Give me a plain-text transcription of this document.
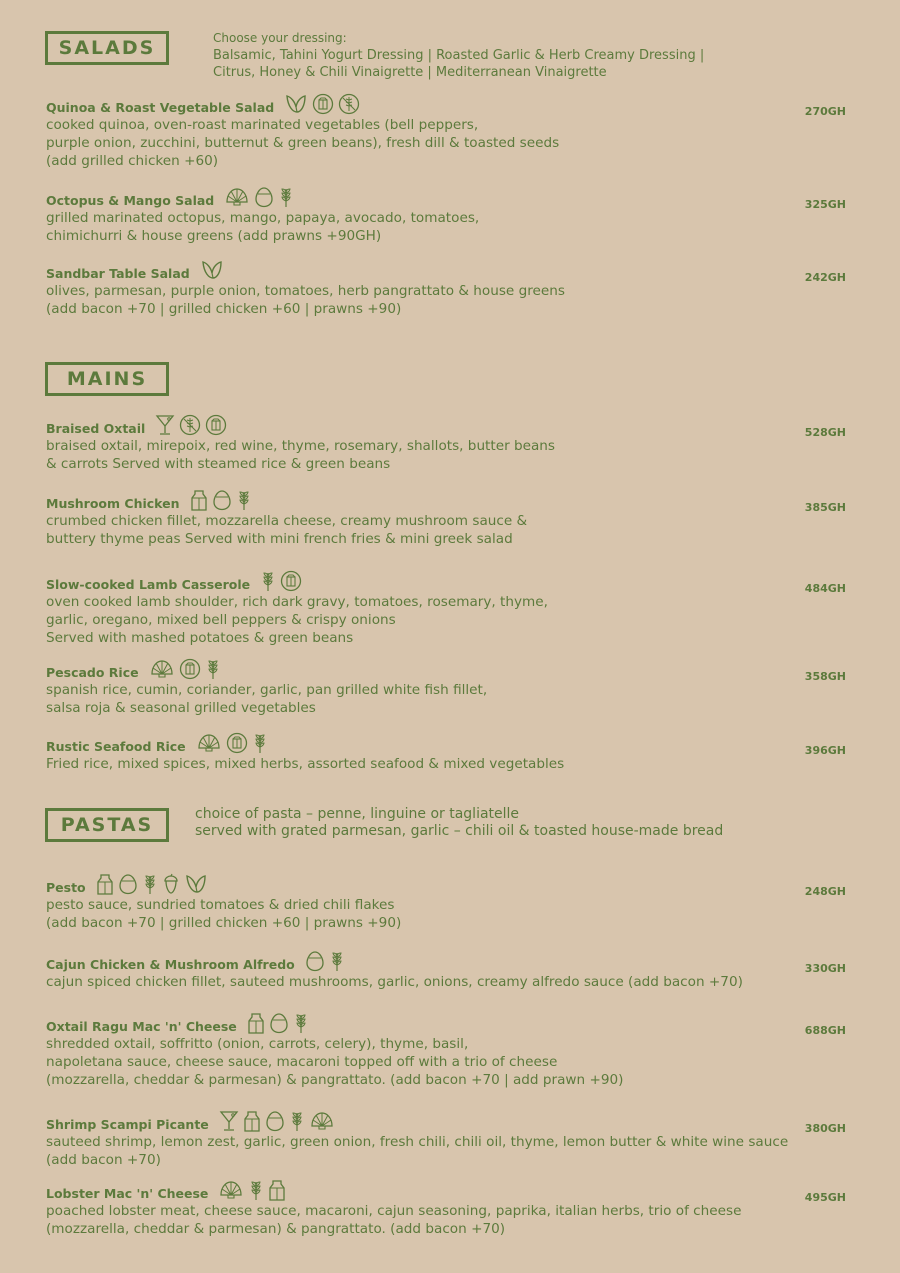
SALADS	Choose your dressing:
Balsamic, Tahini Yogurt Dressing | Roasted Garlic & Herb Creamy Dressing |
Citrus, Honey & Chili Vinaigrette | Mediterranean Vinaigrette
Quinoa & Roast Vegetable Salad	270GH
cooked quinoa, oven-roast marinated vegetables (bell peppers,
purple onion, zucchini, butternut & green beans), fresh dill & toasted seeds
(add grilled chicken +60)
Octopus & Mango Salad	325GH
grilled marinated octopus, mango, papaya, avocado, tomatoes,
chimichurri & house greens (add prawns +90GH)
Sandbar Table Salad	242GH
olives, parmesan, purple onion, tomatoes, herb pangrattato & house greens
(add bacon +70 | grilled chicken +60 | prawns +90)
MAINS
Braised Oxtail	528GH
braised oxtail, mirepoix, red wine, thyme, rosemary, shallots, butter beans
& carrots Served with steamed rice & green beans
Mushroom Chicken	385GH
crumbed chicken fillet, mozzarella cheese, creamy mushroom sauce &
buttery thyme peas Served with mini french fries & mini greek salad
Slow-cooked Lamb Casserole	484GH
oven cooked lamb shoulder, rich dark gravy, tomatoes, rosemary, thyme,
garlic, oregano, mixed bell peppers & crispy onions
Served with mashed potatoes & green beans
Pescado Rice	358GH
spanish rice, cumin, coriander, garlic, pan grilled white fish fillet,
salsa roja & seasonal grilled vegetables
Rustic Seafood Rice	396GH
Fried rice, mixed spices, mixed herbs, assorted seafood & mixed vegetables
PASTAS	choice of pasta – penne, linguine or tagliatelle
served with grated parmesan, garlic – chili oil & toasted house-made bread
Pesto	248GH
pesto sauce, sundried tomatoes & dried chili flakes
(add bacon +70 | grilled chicken +60 | prawns +90)
Cajun Chicken & Mushroom Alfredo	330GH
cajun spiced chicken fillet, sauteed mushrooms, garlic, onions, creamy alfredo sauce (add bacon +70)
Oxtail Ragu Mac 'n' Cheese	688GH
shredded oxtail, soffritto (onion, carrots, celery), thyme, basil,
napoletana sauce, cheese sauce, macaroni topped off with a trio of cheese
(mozzarella, cheddar & parmesan) & pangrattato. (add bacon +70 | add prawn +90)
Shrimp Scampi Picante	380GH
sauteed shrimp, lemon zest, garlic, green onion, fresh chili, chili oil, thyme, lemon butter & white wine sauce
(add bacon +70)
Lobster Mac 'n' Cheese	495GH
poached lobster meat, cheese sauce, macaroni, cajun seasoning, paprika, italian herbs, trio of cheese
(mozzarella, cheddar & parmesan) & pangrattato. (add bacon +70)
